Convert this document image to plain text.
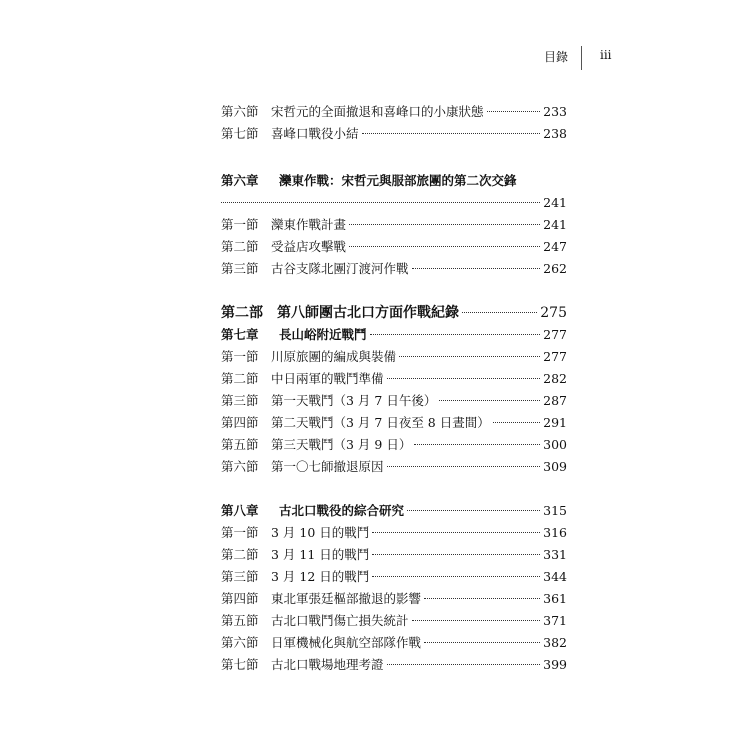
目錄	iii
第六節 宋哲元的全面撤退和喜峰口的小康狀態	233
第七節 喜峰口戰役小結	238
第六章	灤東作戰：宋哲元與服部旅團的第二次交鋒
241
第一節 灤東作戰計畫	241
第二節 受益店攻擊戰	247
第三節 古谷支隊北團汀渡河作戰	262
第二部	第八師團古北口方面作戰紀錄	275
第七章	長山峪附近戰鬥	277
第一節 川原旅團的編成與裝備	277
第二節 中日兩軍的戰鬥準備	282
第三節 第一天戰鬥（3 月 7 日午後）	287
第四節 第二天戰鬥（3 月 7 日夜至 8 日晝間）	291
第五節 第三天戰鬥（3 月 9 日）	300
第六節 第一〇七師撤退原因	309
第八章	古北口戰役的綜合研究	315
第一節 3 月 10 日的戰鬥	316
第二節 3 月 11 日的戰鬥	331
第三節 3 月 12 日的戰鬥	344
第四節 東北軍張廷樞部撤退的影響	361
第五節 古北口戰鬥傷亡損失統計	371
第六節 日軍機械化與航空部隊作戰	382
第七節 古北口戰場地理考證	399
